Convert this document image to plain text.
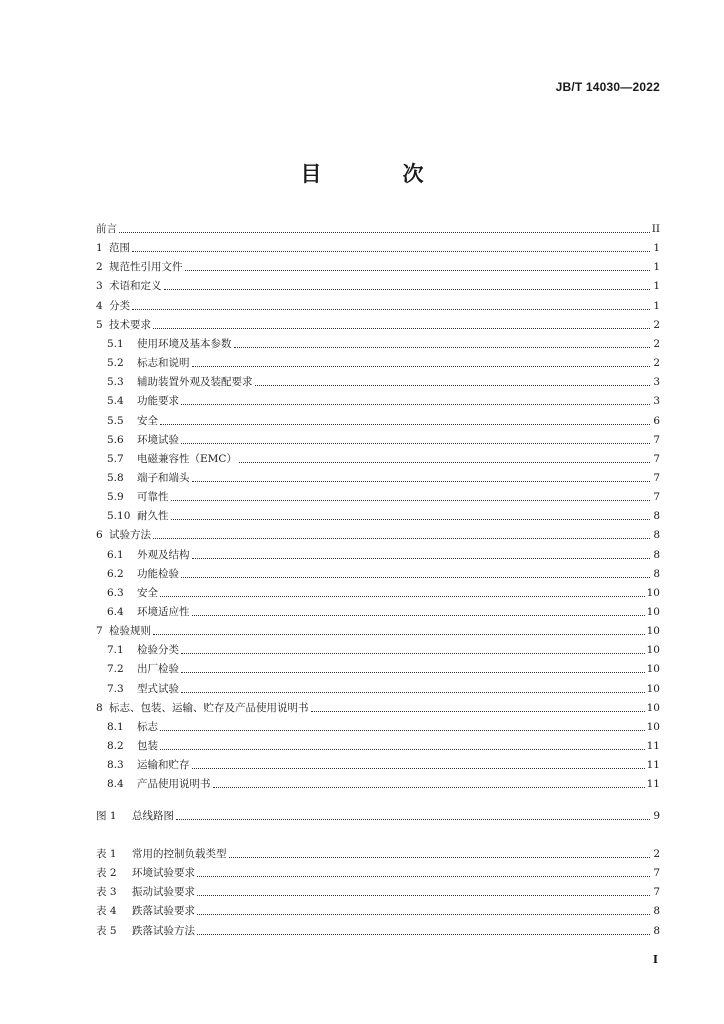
JB/T 14030—2022
目　次
前言	II
1 范围	1
2 规范性引用文件	1
3 术语和定义	1
4 分类	1
5 技术要求	2
5.1	使用环境及基本参数	2
5.2	标志和说明	2
5.3	辅助装置外观及装配要求	3
5.4	功能要求	3
5.5	安全	6
5.6	环境试验	7
5.7	电磁兼容性（EMC）	7
5.8	端子和端头	7
5.9	可靠性	7
5.10 耐久性	8
6 试验方法	8
6.1	外观及结构	8
6.2	功能检验	8
6.3	安全	10
6.4	环境适应性	10
7 检验规则	10
7.1	检验分类	10
7.2	出厂检验	10
7.3	型式试验	10
8 标志、包装、运输、贮存及产品使用说明书	10
8.1	标志	10
8.2	包装	11
8.3	运输和贮存	11
8.4	产品使用说明书	11
图 1	总线路图	9
表 1	常用的控制负载类型	2
表 2	环境试验要求	7
表 3	振动试验要求	7
表 4	跌落试验要求	8
表 5	跌落试验方法	8
I
